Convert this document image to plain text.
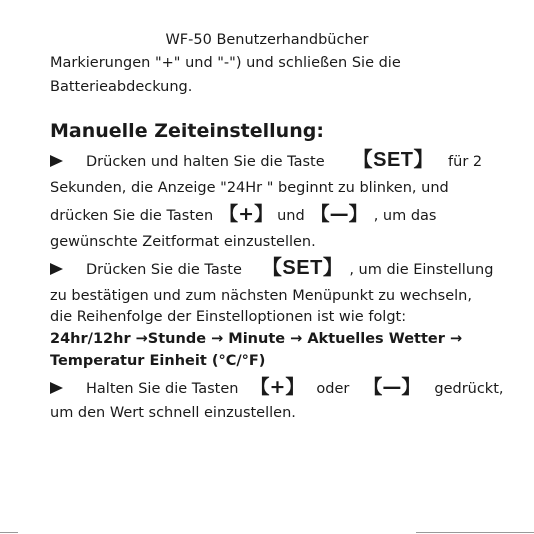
WF-50 Benutzerhandbücher
Markierungen "+" und "-") und schließen Sie die
Batterieabdeckung.
Manuelle Zeiteinstellung:
Drücken und halten Sie die Taste 【SET】 für 2
Sekunden, die Anzeige "24Hr " beginnt zu blinken, und
drücken Sie die Tasten 【+】 und 【—】 , um das
gewünschte Zeitformat einzustellen.
Drücken Sie die Taste 【SET】 , um die Einstellung
zu bestätigen und zum nächsten Menüpunkt zu wechseln,
die Reihenfolge der Einstelloptionen ist wie folgt:
24hr/12hr →Stunde → Minute → Aktuelles Wetter →
Temperatur Einheit (°C/°F)
Halten Sie die Tasten 【+】 oder 【—】 gedrückt,
um den Wert schnell einzustellen.
